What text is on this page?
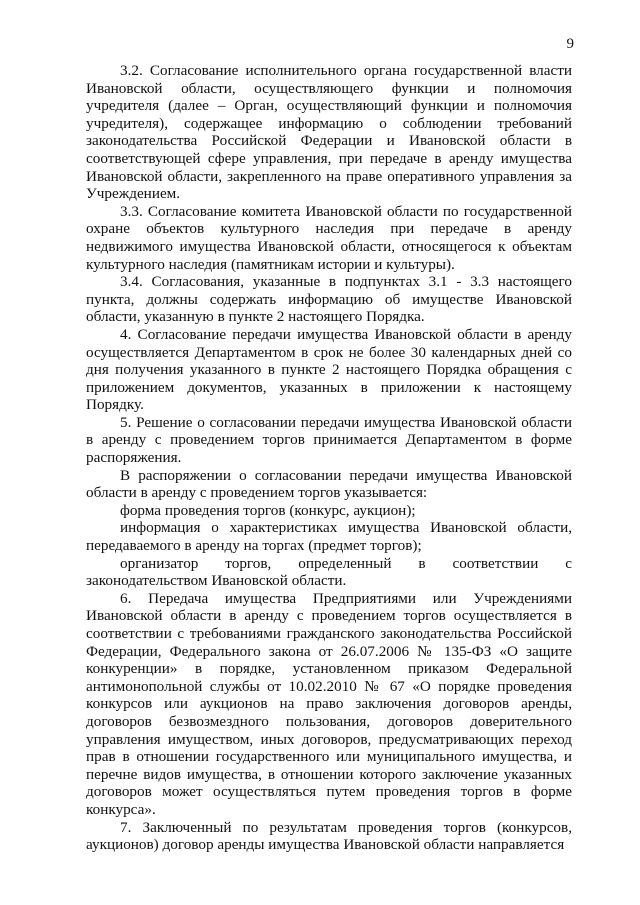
9

3.2. Согласование исполнительного органа государственной власти Ивановской области, осуществляющего функции и полномочия учредителя (далее – Орган, осуществляющий функции и полномочия учредителя), содержащее информацию о соблюдении требований законодательства Российской Федерации и Ивановской области в соответствующей сфере управления, при передаче в аренду имущества Ивановской области, закрепленного на праве оперативного управления за Учреждением.

3.3. Согласование комитета Ивановской области по государственной охране объектов культурного наследия при передаче в аренду недвижимого имущества Ивановской области, относящегося к объектам культурного наследия (памятникам истории и культуры).

3.4. Согласования, указанные в подпунктах 3.1 - 3.3 настоящего пункта, должны содержать информацию об имуществе Ивановской области, указанную в пункте 2 настоящего Порядка.

4. Согласование передачи имущества Ивановской области в аренду осуществляется Департаментом в срок не более 30 календарных дней со дня получения указанного в пункте 2 настоящего Порядка обращения с приложением документов, указанных в приложении к настоящему Порядку.

5. Решение о согласовании передачи имущества Ивановской области в аренду с проведением торгов принимается Департаментом в форме распоряжения.

В распоряжении о согласовании передачи имущества Ивановской области в аренду с проведением торгов указывается:

форма проведения торгов (конкурс, аукцион);

информация о характеристиках имущества Ивановской области, передаваемого в аренду на торгах (предмет торгов);

организатор торгов, определенный в соответствии с законодательством Ивановской области.

6. Передача имущества Предприятиями или Учреждениями Ивановской области в аренду с проведением торгов осуществляется в соответствии с требованиями гражданского законодательства Российской Федерации, Федерального закона от 26.07.2006 № 135-ФЗ «О защите конкуренции» в порядке, установленном приказом Федеральной антимонопольной службы от 10.02.2010 № 67 «О порядке проведения конкурсов или аукционов на право заключения договоров аренды, договоров безвозмездного пользования, договоров доверительного управления имуществом, иных договоров, предусматривающих переход прав в отношении государственного или муниципального имущества, и перечне видов имущества, в отношении которого заключение указанных договоров может осуществляться путем проведения торгов в форме конкурса».

7. Заключенный по результатам проведения торгов (конкурсов, аукционов) договор аренды имущества Ивановской области направляется
